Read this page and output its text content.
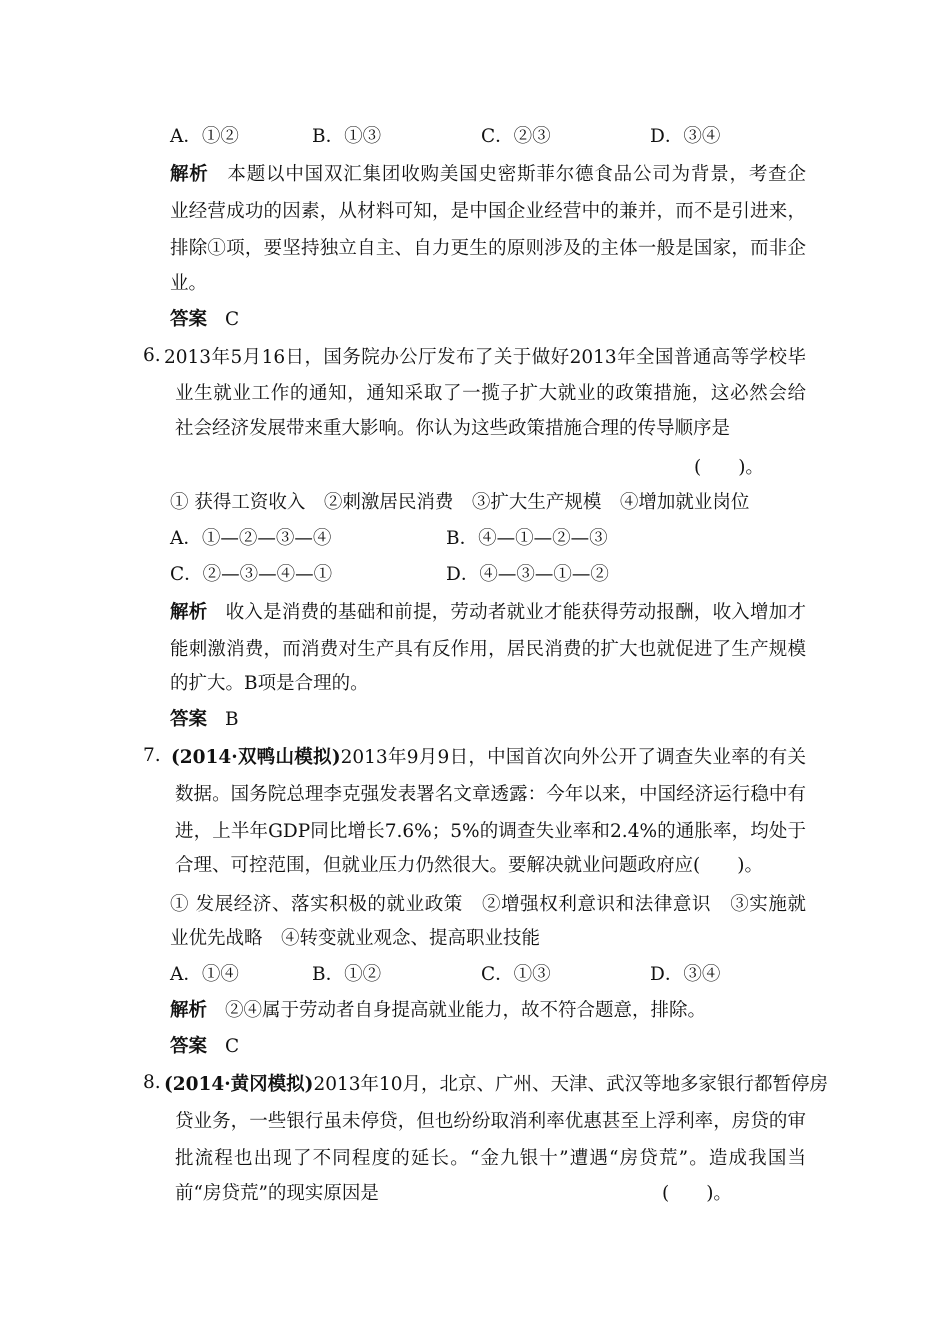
A．①②	B．①③	C．②③	D．③④
解析 本题以中国双汇集团收购美国史密斯菲尔德食品公司为背景，考查企
业经营成功的因素，从材料可知，是中国企业经营中的兼并，而不是引进来，
排除①项，要坚持独立自主、自力更生的原则涉及的主体一般是国家，而非企
业。
答案 C
6. 2013年5月16日，国务院办公厅发布了关于做好2013年全国普通高等学校毕
业生就业工作的通知，通知采取了一揽子扩大就业的政策措施，这必然会给
社会经济发展带来重大影响。你认为这些政策措施合理的传导顺序是
(　　)。
① 获得工资收入　②刺激居民消费　③扩大生产规模　④增加就业岗位
A．①—②—③—④	B．④—①—②—③
C．②—③—④—①	D．④—③—①—②
解析 收入是消费的基础和前提，劳动者就业才能获得劳动报酬，收入增加才
能刺激消费，而消费对生产具有反作用，居民消费的扩大也就促进了生产规模
的扩大。B项是合理的。
答案 B
7. (2014·双鸭山模拟)2013年9月9日，中国首次向外公开了调查失业率的有关
数据。国务院总理李克强发表署名文章透露：今年以来，中国经济运行稳中有
进，上半年GDP同比增长7.6%；5%的调查失业率和2.4%的通胀率，均处于
合理、可控范围，但就业压力仍然很大。要解决就业问题政府应(　　)。
① 发展经济、落实积极的就业政策　②增强权利意识和法律意识　③实施就
业优先战略　④转变就业观念、提高职业技能
A．①④	B．①②	C．①③	D．③④
解析 ②④属于劳动者自身提高就业能力，故不符合题意，排除。
答案 C
8. (2014·黄冈模拟)2013年10月，北京、广州、天津、武汉等地多家银行都暂停房
贷业务，一些银行虽未停贷，但也纷纷取消利率优惠甚至上浮利率，房贷的审
批流程也出现了不同程度的延长。“金九银十”遭遇“房贷荒”。造成我国当
前“房贷荒”的现实原因是	(　　)。
